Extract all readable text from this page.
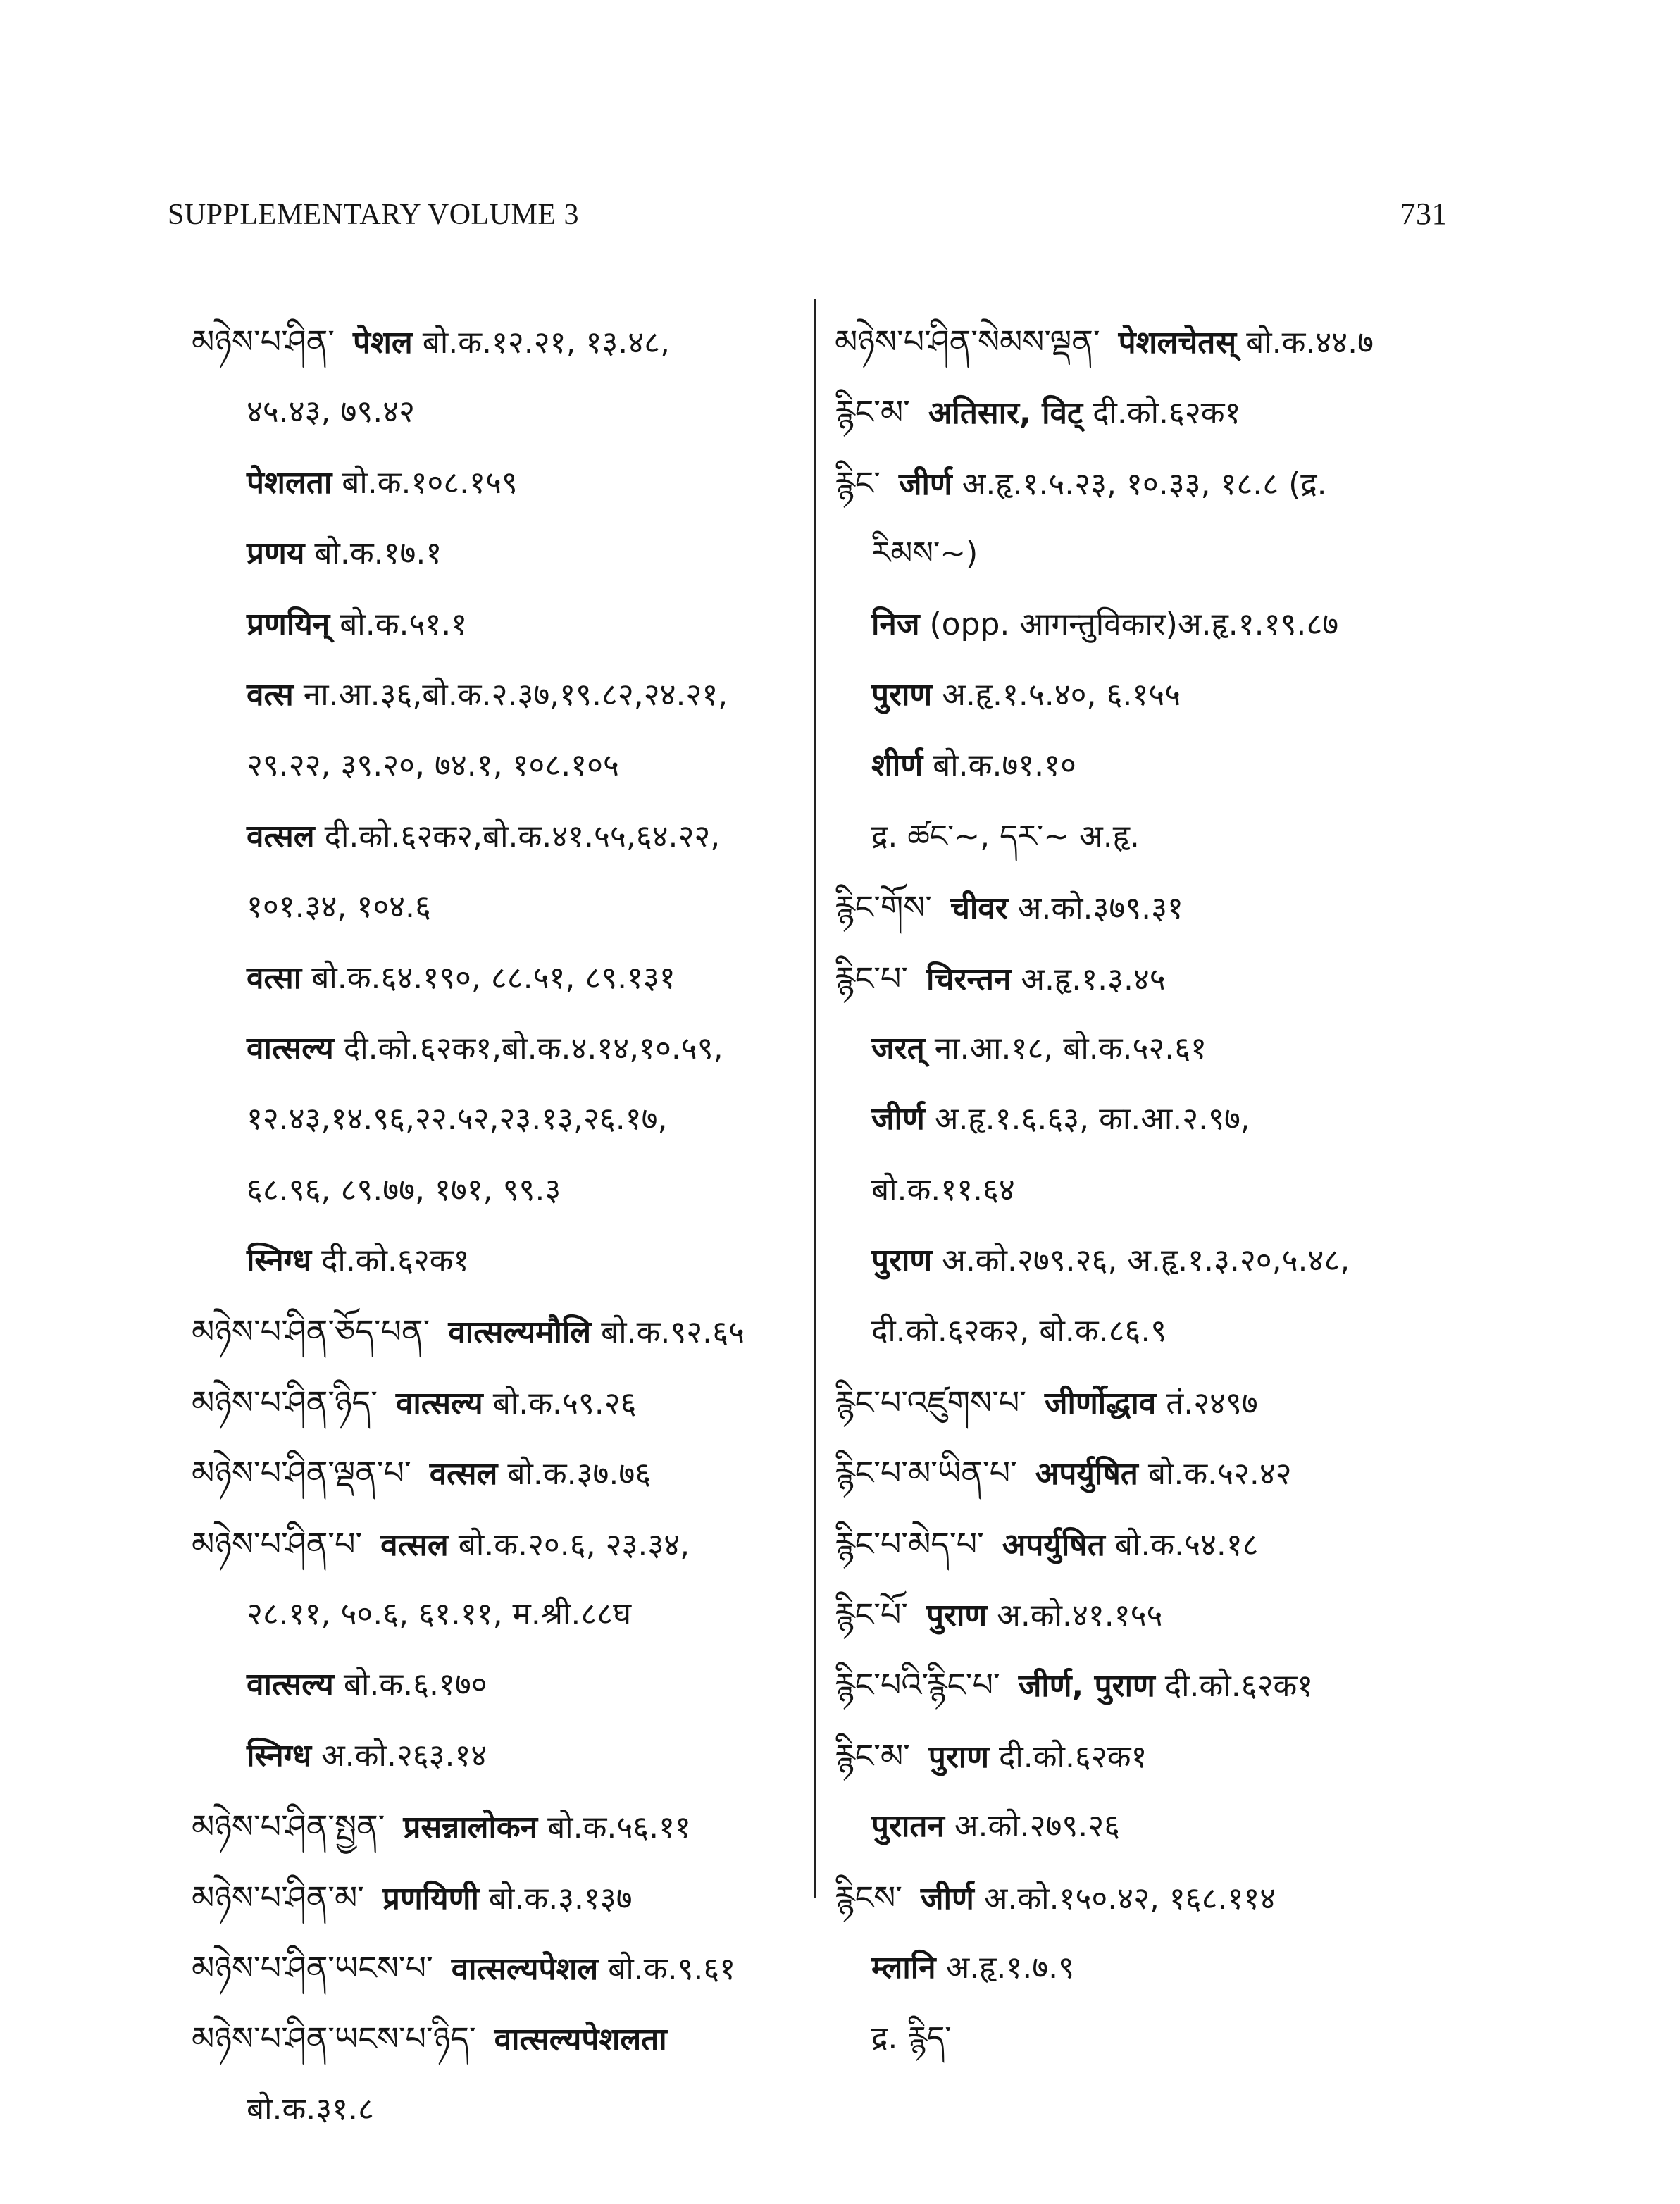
SUPPLEMENTARY VOLUME 3	731
མཉེས་པ་ཤིན་ पेशल बो.क.१२.२१, १३.४८,
४५.४३, ७९.४२
पेशलता बो.क.१०८.१५९
प्रणय बो.क.१७.१
प्रणयिन् बो.क.५१.१
वत्स ना.आ.३६,बो.क.२.३७,१९.८२,२४.२१,
२९.२२, ३९.२०, ७४.१, १०८.१०५
वत्सल दी.को.६२क२,बो.क.४१.५५,६४.२२,
१०१.३४, १०४.६
वत्सा बो.क.६४.१९०, ८८.५१, ८९.१३१
वात्सल्य दी.को.६२क१,बो.क.४.१४,१०.५९,
१२.४३,१४.९६,२२.५२,२३.१३,२६.१७,
६८.९६, ८९.७७, १७१, ९९.३
स्निग्ध दी.को.६२क१
མཉེས་པ་ཤིན་ཅོད་པན་ वात्सल्यमौलि बो.क.९२.६५
མཉེས་པ་ཤིན་ཉིད་ वात्सल्य बो.क.५९.२६
མཉེས་པ་ཤིན་ལྡན་པ་ वत्सल बो.क.३७.७६
མཉེས་པ་ཤིན་པ་ वत्सल बो.क.२०.६, २३.३४,
२८.११, ५०.६, ६१.११, म.श्री.८८घ
वात्सल्य बो.क.६.१७०
स्निग्ध अ.को.२६३.१४
མཉེས་པ་ཤིན་སྤྱན་ प्रसन्नालोकन बो.क.५६.११
མཉེས་པ་ཤིན་མ་ प्रणयिणी बो.क.३.१३७
མཉེས་པ་ཤིན་ཡངས་པ་ वात्सल्यपेशल बो.क.९.६१
མཉེས་པ་ཤིན་ཡངས་པ་ཉིད་ वात्सल्यपेशलता
बो.क.३१.८
མཉེས་པ་ཤིན་སེམས་ལྡན་ पेशलचेतस् बो.क.४४.७
རྙིང་མ་ अतिसार, विट् दी.को.६२क१
རྙིང་ जीर्ण अ.हृ.१.५.२३, १०.३३, १८.८ (द्र.
རིམས་~)
निज (opp. आगन्तुविकार)अ.हृ.१.१९.८७
पुराण अ.हृ.१.५.४०, ६.१५५
शीर्ण बो.क.७१.१०
द्र. ཚང་~, དར་~ अ.हृ.
རྙིང་གོས་ चीवर अ.को.३७९.३१
རྙིང་པ་ चिरन्तन अ.हृ.१.३.४५
जरत् ना.आ.१८, बो.क.५२.६१
जीर्ण अ.हृ.१.६.६३, का.आ.२.९७,
बो.क.११.६४
पुराण अ.को.२७९.२६, अ.हृ.१.३.२०,५.४८,
दी.को.६२क२, बो.क.८६.९
རྙིང་པ་འཛུགས་པ་ जीर्णोद्धाव तं.२४९७
རྙིང་པ་མ་ཡིན་པ་ अपर्युषित बो.क.५२.४२
རྙིང་པ་མེད་པ་ अपर्युषित बो.क.५४.१८
རྙིང་པོ་ पुराण अ.को.४१.१५५
རྙིང་པའི་རྙིང་པ་ जीर्ण, पुराण दी.को.६२क१
རྙིང་མ་ पुराण दी.को.६२क१
पुरातन अ.को.२७९.२६
རྙིངས་ जीर्ण अ.को.१५०.४२, १६८.११४
म्लानि अ.हृ.१.७.९
द्र. རྙིད་
